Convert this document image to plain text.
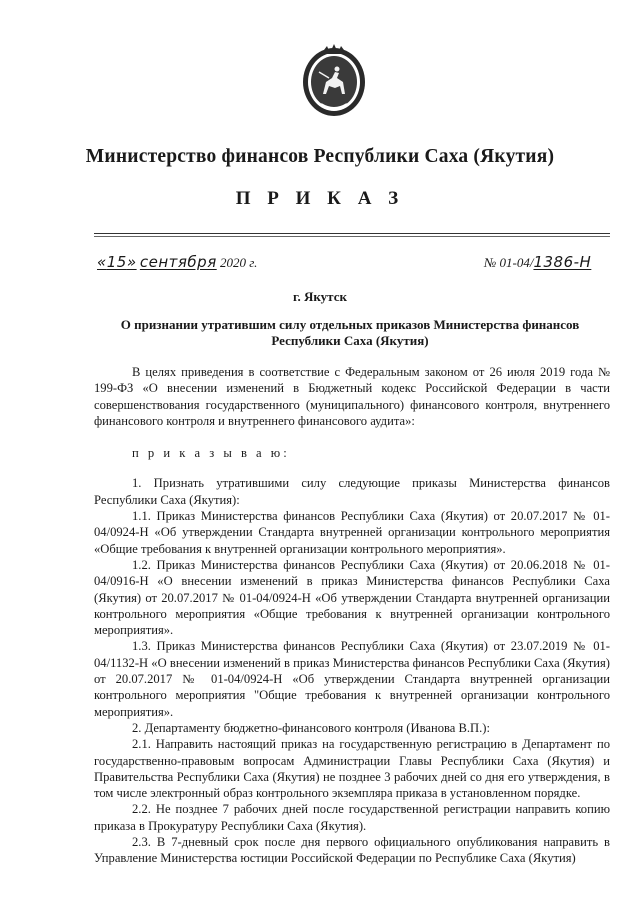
Министерство финансов Республики Саха (Якутия)
П Р И К А З
«15» сентября 2020 г.	№ 01-04/1386-Н
г. Якутск
О признании утратившим силу отдельных приказов Министерства финансов Республики Саха (Якутия)

В целях приведения в соответствие с Федеральным законом от 26 июля 2019 года № 199-ФЗ «О внесении изменений в Бюджетный кодекс Российской Федерации в части совершенствования государственного (муниципального) финансового контроля, внутреннего финансового контроля и внутреннего финансового аудита»:

п р и к а з ы в а ю:

1. Признать утратившими силу следующие приказы Министерства финансов Республики Саха (Якутия):

1.1. Приказ Министерства финансов Республики Саха (Якутия) от 20.07.2017 № 01-04/0924-Н «Об утверждении Стандарта внутренней организации контрольного мероприятия «Общие требования к внутренней организации контрольного мероприятия».

1.2. Приказ Министерства финансов Республики Саха (Якутия) от 20.06.2018 № 01-04/0916-Н «О внесении изменений в приказ Министерства финансов Республики Саха (Якутия) от 20.07.2017 № 01-04/0924-Н «Об утверждении Стандарта внутренней организации контрольного мероприятия «Общие требования к внутренней организации контрольного мероприятия».

1.3. Приказ Министерства финансов Республики Саха (Якутия) от 23.07.2019 № 01-04/1132-Н «О внесении изменений в приказ Министерства финансов Республики Саха (Якутия) от 20.07.2017 № 01-04/0924-Н «Об утверждении Стандарта внутренней организации контрольного мероприятия "Общие требования к внутренней организации контрольного мероприятия».

2. Департаменту бюджетно-финансового контроля (Иванова В.П.):

2.1. Направить настоящий приказ на государственную регистрацию в Департамент по государственно-правовым вопросам Администрации Главы Республики Саха (Якутия) и Правительства Республики Саха (Якутия) не позднее 3 рабочих дней со дня его утверждения, в том числе электронный образ контрольного экземпляра приказа в установленном порядке.

2.2. Не позднее 7 рабочих дней после государственной регистрации направить копию приказа в Прокуратуру Республики Саха (Якутия).

2.3. В 7-дневный срок после дня первого официального опубликования направить в Управление Министерства юстиции Российской Федерации по Республике Саха (Якутия)
